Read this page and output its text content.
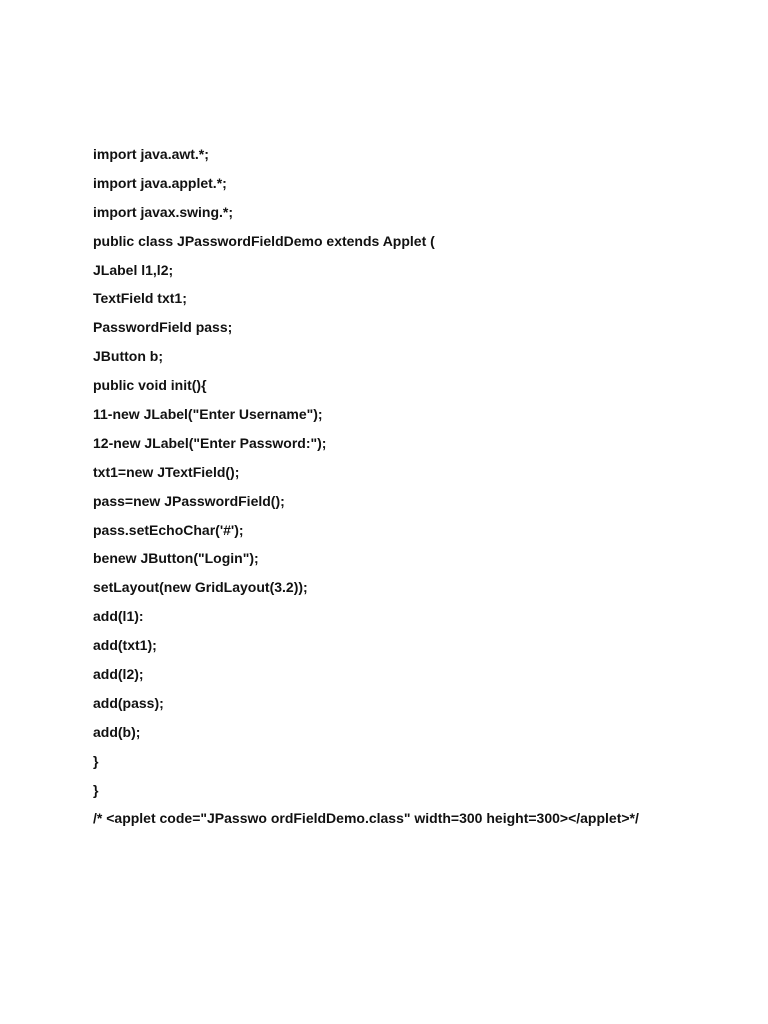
import java.awt.*;
import java.applet.*;
import javax.swing.*;
public class JPasswordFieldDemo extends Applet (
JLabel l1,l2;
TextField txt1;
PasswordField pass;
JButton b;
public void init(){
11-new JLabel("Enter Username");
12-new JLabel("Enter Password:");
txt1=new JTextField();
pass=new JPasswordField();
pass.setEchoChar('#');
benew JButton("Login");
setLayout(new GridLayout(3.2));
add(l1):
add(txt1);
add(l2);
add(pass);
add(b);
}
}
/* <applet code="JPasswo ordFieldDemo.class" width=300 height=300></applet>*/
